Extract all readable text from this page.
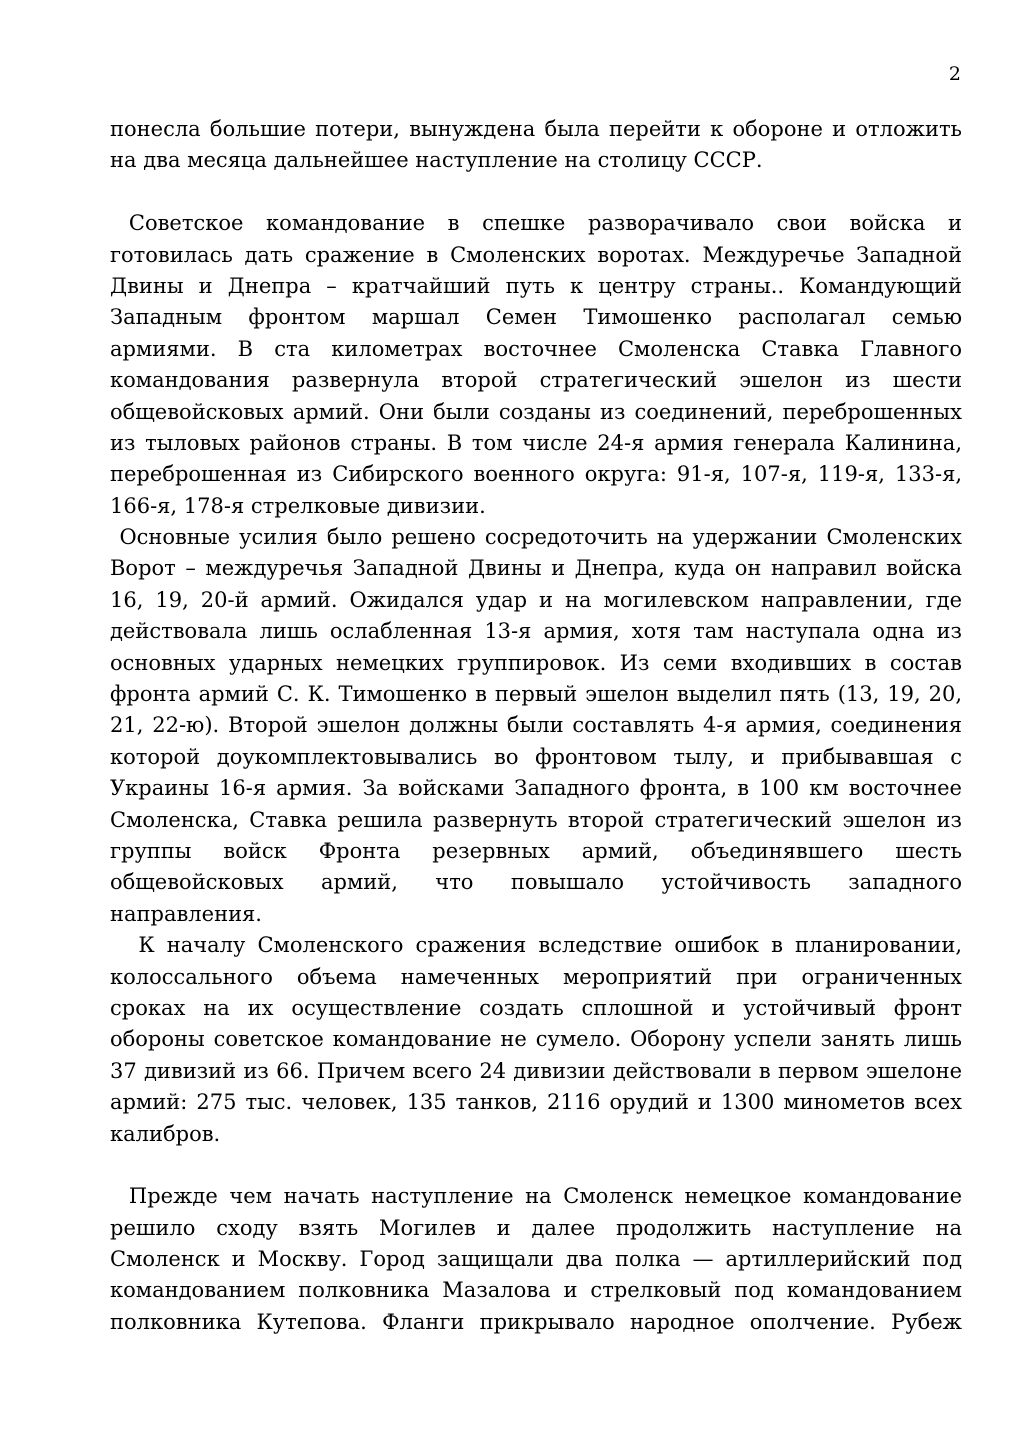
2
понесла большие потери, вынуждена была перейти к обороне и отложить
на два месяца дальнейшее наступление на столицу СССР.
Советское командование в спешке разворачивало свои войска и
готовилась дать сражение в Смоленских воротах. Междуречье Западной
Двины и Днепра – кратчайший путь к центру страны.. Командующий
Западным фронтом маршал Семен Тимошенко располагал семью
армиями. В ста километрах восточнее Смоленска Ставка Главного
командования развернула второй стратегический эшелон из шести
общевойсковых армий. Они были созданы из соединений, переброшенных
из тыловых районов страны. В том числе 24-я армия генерала Калинина,
переброшенная из Сибирского военного округа: 91-я, 107-я, 119-я, 133-я,
166-я, 178-я стрелковые дивизии.
Основные усилия было решено сосредоточить на удержании Смоленских
Ворот – междуречья Западной Двины и Днепра, куда он направил войска
16, 19, 20-й армий. Ожидался удар и на могилевском направлении, где
действовала лишь ослабленная 13-я армия, хотя там наступала одна из
основных ударных немецких группировок. Из семи входивших в состав
фронта армий С. К. Тимошенко в первый эшелон выделил пять (13, 19, 20,
21, 22-ю). Второй эшелон должны были составлять 4-я армия, соединения
которой доукомплектовывались во фронтовом тылу, и прибывавшая с
Украины 16-я армия. За войсками Западного фронта, в 100 км восточнее
Смоленска, Ставка решила развернуть второй стратегический эшелон из
группы войск Фронта резервных армий, объединявшего шесть
общевойсковых армий, что повышало устойчивость западного
направления.
К началу Смоленского сражения вследствие ошибок в планировании,
колоссального объема намеченных мероприятий при ограниченных
сроках на их осуществление создать сплошной и устойчивый фронт
обороны советское командование не сумело. Оборону успели занять лишь
37 дивизий из 66. Причем всего 24 дивизии действовали в первом эшелоне
армий: 275 тыс. человек, 135 танков, 2116 орудий и 1300 минометов всех
калибров.
Прежде чем начать наступление на Смоленск немецкое командование
решило сходу взять Могилев и далее продолжить наступление на
Смоленск и Москву. Город защищали два полка — артиллерийский под
командованием полковника Мазалова и стрелковый под командованием
полковника Кутепова. Фланги прикрывало народное ополчение. Рубеж
